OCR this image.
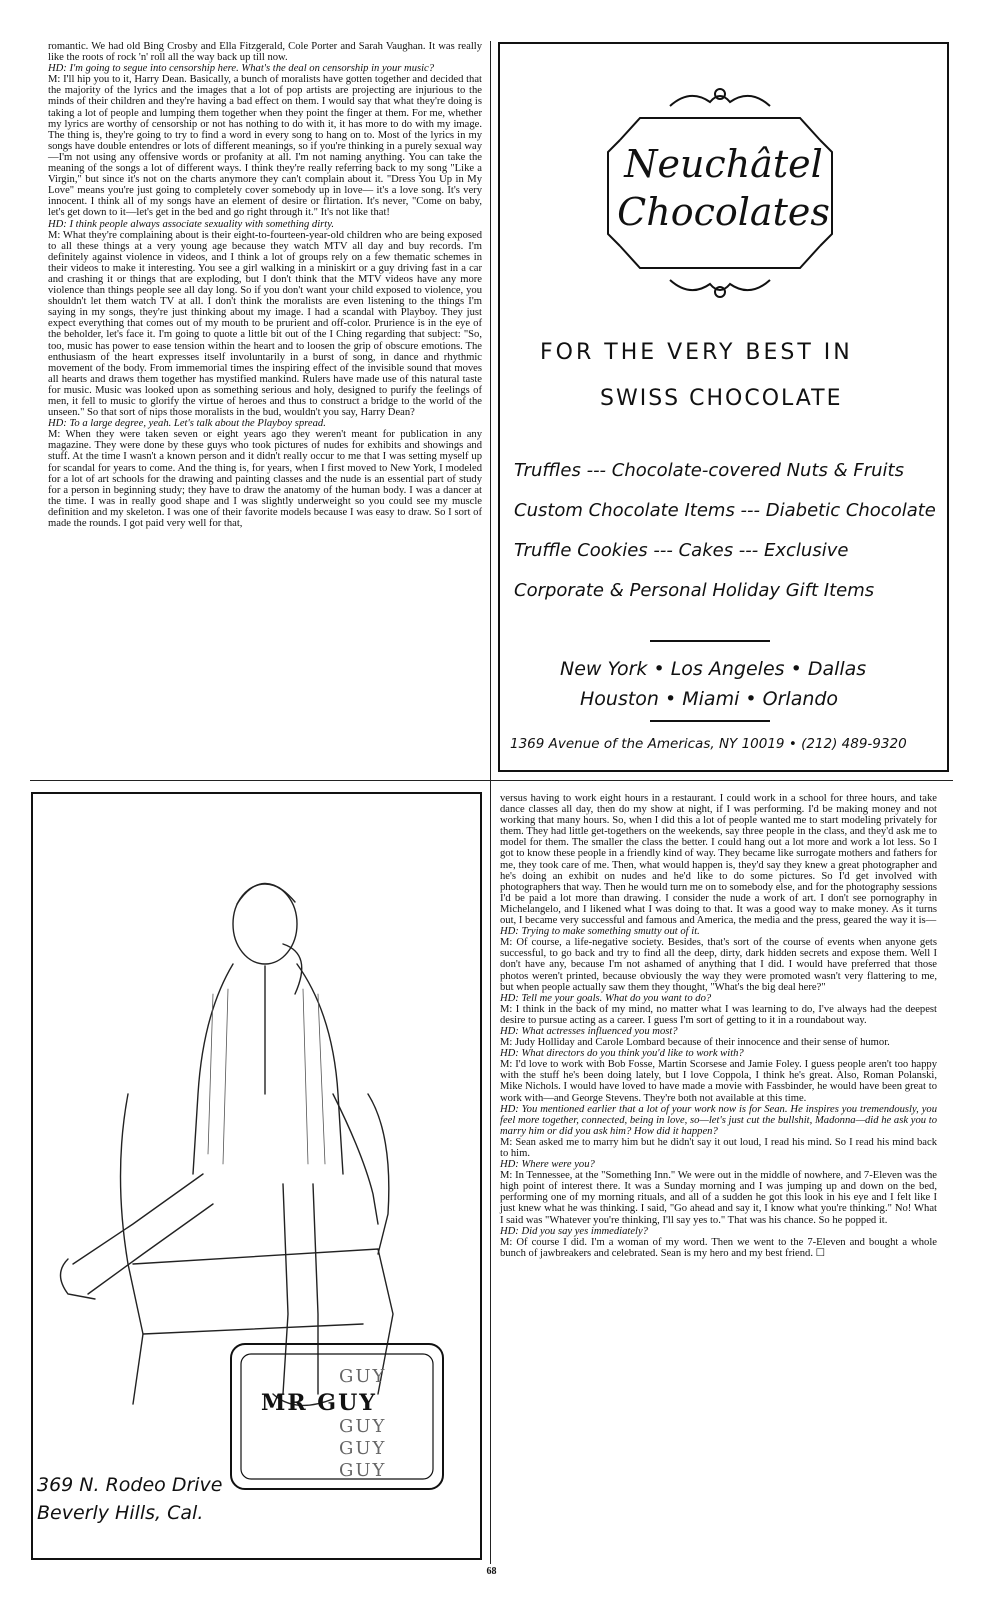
romantic. We had old Bing Crosby and Ella Fitzgerald, Cole Porter and Sarah Vaughan. It was really like the roots of rock 'n' roll all the way back up till now.

HD: I'm going to segue into censorship here. What's the deal on censorship in your music?

M: I'll hip you to it, Harry Dean. Basically, a bunch of moralists have gotten together and decided that the majority of the lyrics and the images that a lot of pop artists are projecting are injurious to the minds of their children and they're having a bad effect on them. I would say that what they're doing is taking a lot of people and lumping them together when they point the finger at them. For me, whether my lyrics are worthy of censorship or not has nothing to do with it, it has more to do with my image. The thing is, they're going to try to find a word in every song to hang on to. Most of the lyrics in my songs have double entendres or lots of different meanings, so if you're thinking in a purely sexual way—I'm not using any offensive words or profanity at all. I'm not naming anything. You can take the meaning of the songs a lot of different ways. I think they're really referring back to my song "Like a Virgin," but since it's not on the charts anymore they can't complain about it. "Dress You Up in My Love" means you're just going to completely cover somebody up in love— it's a love song. It's very innocent. I think all of my songs have an element of desire or flirtation. It's never, "Come on baby, let's get down to it—let's get in the bed and go right through it." It's not like that!

HD: I think people always associate sexuality with something dirty.

M: What they're complaining about is their eight-to-fourteen-year-old children who are being exposed to all these things at a very young age because they watch MTV all day and buy records. I'm definitely against violence in videos, and I think a lot of groups rely on a few thematic schemes in their videos to make it interesting. You see a girl walking in a miniskirt or a guy driving fast in a car and crashing it or things that are exploding, but I don't think that the MTV videos have any more violence than things people see all day long. So if you don't want your child exposed to violence, you shouldn't let them watch TV at all. I don't think the moralists are even listening to the things I'm saying in my songs, they're just thinking about my image. I had a scandal with Playboy. They just expect everything that comes out of my mouth to be prurient and off-color. Prurience is in the eye of the beholder, let's face it. I'm going to quote a little bit out of the I Ching regarding that subject: "So, too, music has power to ease tension within the heart and to loosen the grip of obscure emotions. The enthusiasm of the heart expresses itself involuntarily in a burst of song, in dance and rhythmic movement of the body. From immemorial times the inspiring effect of the invisible sound that moves all hearts and draws them together has mystified mankind. Rulers have made use of this natural taste for music. Music was looked upon as something serious and holy, designed to purify the feelings of men, it fell to music to glorify the virtue of heroes and thus to construct a bridge to the world of the unseen." So that sort of nips those moralists in the bud, wouldn't you say, Harry Dean?

HD: To a large degree, yeah. Let's talk about the Playboy spread.

M: When they were taken seven or eight years ago they weren't meant for publication in any magazine. They were done by these guys who took pictures of nudes for exhibits and showings and stuff. At the time I wasn't a known person and it didn't really occur to me that I was setting myself up for scandal for years to come. And the thing is, for years, when I first moved to New York, I modeled for a lot of art schools for the drawing and painting classes and the nude is an essential part of study for a person in beginning study; they have to draw the anatomy of the human body. I was a dancer at the time. I was in really good shape and I was slightly underweight so you could see my muscle definition and my skeleton. I was one of their favorite models because I was easy to draw. So I sort of made the rounds. I got paid very well for that,

Neuchâtel
Chocolates
FOR THE VERY BEST IN
SWISS CHOCOLATE
Truffles --- Chocolate-covered Nuts & Fruits
Custom Chocolate Items --- Diabetic Chocolate
Truffle Cookies --- Cakes --- Exclusive
Corporate & Personal Holiday Gift Items
New York • Los Angeles • Dallas
Houston • Miami • Orlando
1369 Avenue of the Americas, NY 10019 • (212) 489-9320
GUY
MR GUY
GUY
GUY
GUY
369 N. Rodeo Drive
Beverly Hills, Cal.

versus having to work eight hours in a restaurant. I could work in a school for three hours, and take dance classes all day, then do my show at night, if I was performing. I'd be making money and not working that many hours. So, when I did this a lot of people wanted me to start modeling privately for them. They had little get-togethers on the weekends, say three people in the class, and they'd ask me to model for them. The smaller the class the better. I could hang out a lot more and work a lot less. So I got to know these people in a friendly kind of way. They became like surrogate mothers and fathers for me, they took care of me. Then, what would happen is, they'd say they knew a great photographer and he's doing an exhibit on nudes and he'd like to do some pictures. So I'd get involved with photographers that way. Then he would turn me on to somebody else, and for the photography sessions I'd be paid a lot more than drawing. I consider the nude a work of art. I don't see pornography in Michelangelo, and I likened what I was doing to that. It was a good way to make money. As it turns out, I became very successful and famous and America, the media and the press, geared the way it is—

HD: Trying to make something smutty out of it.

M: Of course, a life-negative society. Besides, that's sort of the course of events when anyone gets successful, to go back and try to find all the deep, dirty, dark hidden secrets and expose them. Well I don't have any, because I'm not ashamed of anything that I did. I would have preferred that those photos weren't printed, because obviously the way they were promoted wasn't very flattering to me, but when people actually saw them they thought, "What's the big deal here?"

HD: Tell me your goals. What do you want to do?

M: I think in the back of my mind, no matter what I was learning to do, I've always had the deepest desire to pursue acting as a career. I guess I'm sort of getting to it in a roundabout way.

HD: What actresses influenced you most?

M: Judy Holliday and Carole Lombard because of their innocence and their sense of humor.

HD: What directors do you think you'd like to work with?

M: I'd love to work with Bob Fosse, Martin Scorsese and Jamie Foley. I guess people aren't too happy with the stuff he's been doing lately, but I love Coppola, I think he's great. Also, Roman Polanski, Mike Nichols. I would have loved to have made a movie with Fassbinder, he would have been great to work with—and George Stevens. They're both not available at this time.

HD: You mentioned earlier that a lot of your work now is for Sean. He inspires you tremendously, you feel more together, connected, being in love, so—let's just cut the bullshit, Madonna—did he ask you to marry him or did you ask him? How did it happen?

M: Sean asked me to marry him but he didn't say it out loud, I read his mind. So I read his mind back to him.

HD: Where were you?

M: In Tennessee, at the "Something Inn." We were out in the middle of nowhere, and 7-Eleven was the high point of interest there. It was a Sunday morning and I was jumping up and down on the bed, performing one of my morning rituals, and all of a sudden he got this look in his eye and I felt like I just knew what he was thinking. I said, "Go ahead and say it, I know what you're thinking." No! What I said was "Whatever you're thinking, I'll say yes to." That was his chance. So he popped it.

HD: Did you say yes immediately?

M: Of course I did. I'm a woman of my word. Then we went to the 7-Eleven and bought a whole bunch of jawbreakers and celebrated. Sean is my hero and my best friend. ☐

68
